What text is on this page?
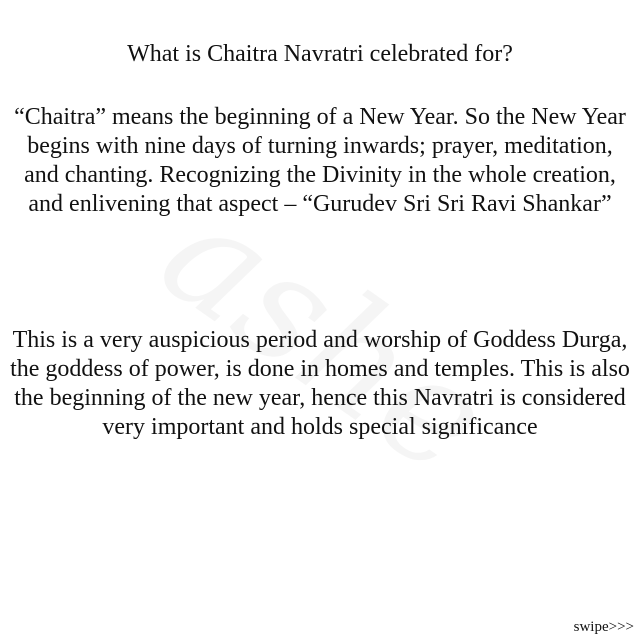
What is Chaitra Navratri celebrated for?

“Chaitra” means the beginning of a New Year. So the New Year begins with nine days of turning inwards; prayer, meditation, and chanting. Recognizing the Divinity in the whole creation, and enlivening that aspect – “Gurudev Sri Sri Ravi Shankar”

This is a very auspicious period and worship of Goddess Durga, the goddess of power, is done in homes and temples. This is also the beginning of the new year, hence this Navratri is considered very important and holds special significance

swipe>>>
